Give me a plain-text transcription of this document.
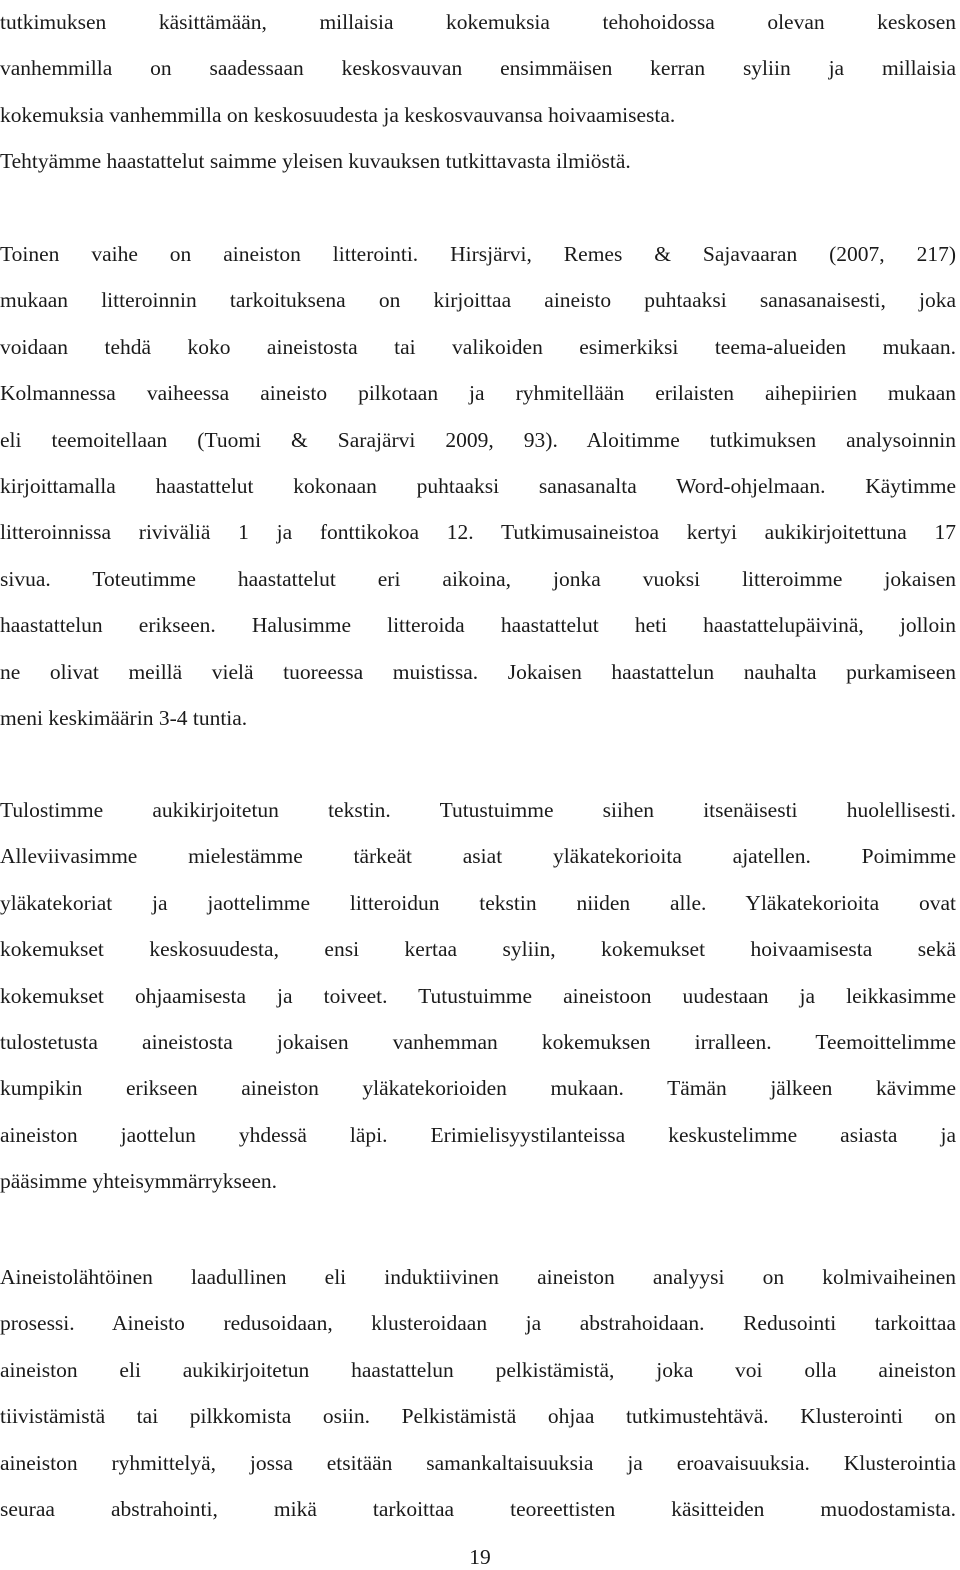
tutkimuksen käsittämään, millaisia kokemuksia tehohoidossa olevan keskosen
vanhemmilla on saadessaan keskosvauvan ensimmäisen kerran syliin ja millaisia
kokemuksia vanhemmilla on keskosuudesta ja keskosvauvansa hoivaamisesta.
Tehtyämme haastattelut saimme yleisen kuvauksen tutkittavasta ilmiöstä.
Toinen vaihe on aineiston litterointi. Hirsjärvi, Remes & Sajavaaran (2007, 217)
mukaan litteroinnin tarkoituksena on kirjoittaa aineisto puhtaaksi sanasanaisesti, joka
voidaan tehdä koko aineistosta tai valikoiden esimerkiksi teema-alueiden mukaan.
Kolmannessa vaiheessa aineisto pilkotaan ja ryhmitellään erilaisten aihepiirien mukaan
eli teemoitellaan (Tuomi & Sarajärvi 2009, 93). Aloitimme tutkimuksen analysoinnin
kirjoittamalla haastattelut kokonaan puhtaaksi sanasanalta Word-ohjelmaan. Käytimme
litteroinnissa riviväliä 1 ja fonttikokoa 12. Tutkimusaineistoa kertyi aukikirjoitettuna 17
sivua. Toteutimme haastattelut eri aikoina, jonka vuoksi litteroimme jokaisen
haastattelun erikseen. Halusimme litteroida haastattelut heti haastattelupäivinä, jolloin
ne olivat meillä vielä tuoreessa muistissa. Jokaisen haastattelun nauhalta purkamiseen
meni keskimäärin 3-4 tuntia.
Tulostimme aukikirjoitetun tekstin. Tutustuimme siihen itsenäisesti huolellisesti.
Alleviivasimme mielestämme tärkeät asiat yläkatekorioita ajatellen. Poimimme
yläkatekoriat ja jaottelimme litteroidun tekstin niiden alle. Yläkatekorioita ovat
kokemukset keskosuudesta, ensi kertaa syliin, kokemukset hoivaamisesta sekä
kokemukset ohjaamisesta ja toiveet. Tutustuimme aineistoon uudestaan ja leikkasimme
tulostetusta aineistosta jokaisen vanhemman kokemuksen irralleen. Teemoittelimme
kumpikin erikseen aineiston yläkatekorioiden mukaan. Tämän jälkeen kävimme
aineiston jaottelun yhdessä läpi. Erimielisyystilanteissa keskustelimme asiasta ja
pääsimme yhteisymmärrykseen.
Aineistolähtöinen laadullinen eli induktiivinen aineiston analyysi on kolmivaiheinen
prosessi. Aineisto redusoidaan, klusteroidaan ja abstrahoidaan. Redusointi tarkoittaa
aineiston eli aukikirjoitetun haastattelun pelkistämistä, joka voi olla aineiston
tiivistämistä tai pilkkomista osiin. Pelkistämistä ohjaa tutkimustehtävä. Klusterointi on
aineiston ryhmittelyä, jossa etsitään samankaltaisuuksia ja eroavaisuuksia. Klusterointia
seuraa abstrahointi, mikä tarkoittaa teoreettisten käsitteiden muodostamista.
19
